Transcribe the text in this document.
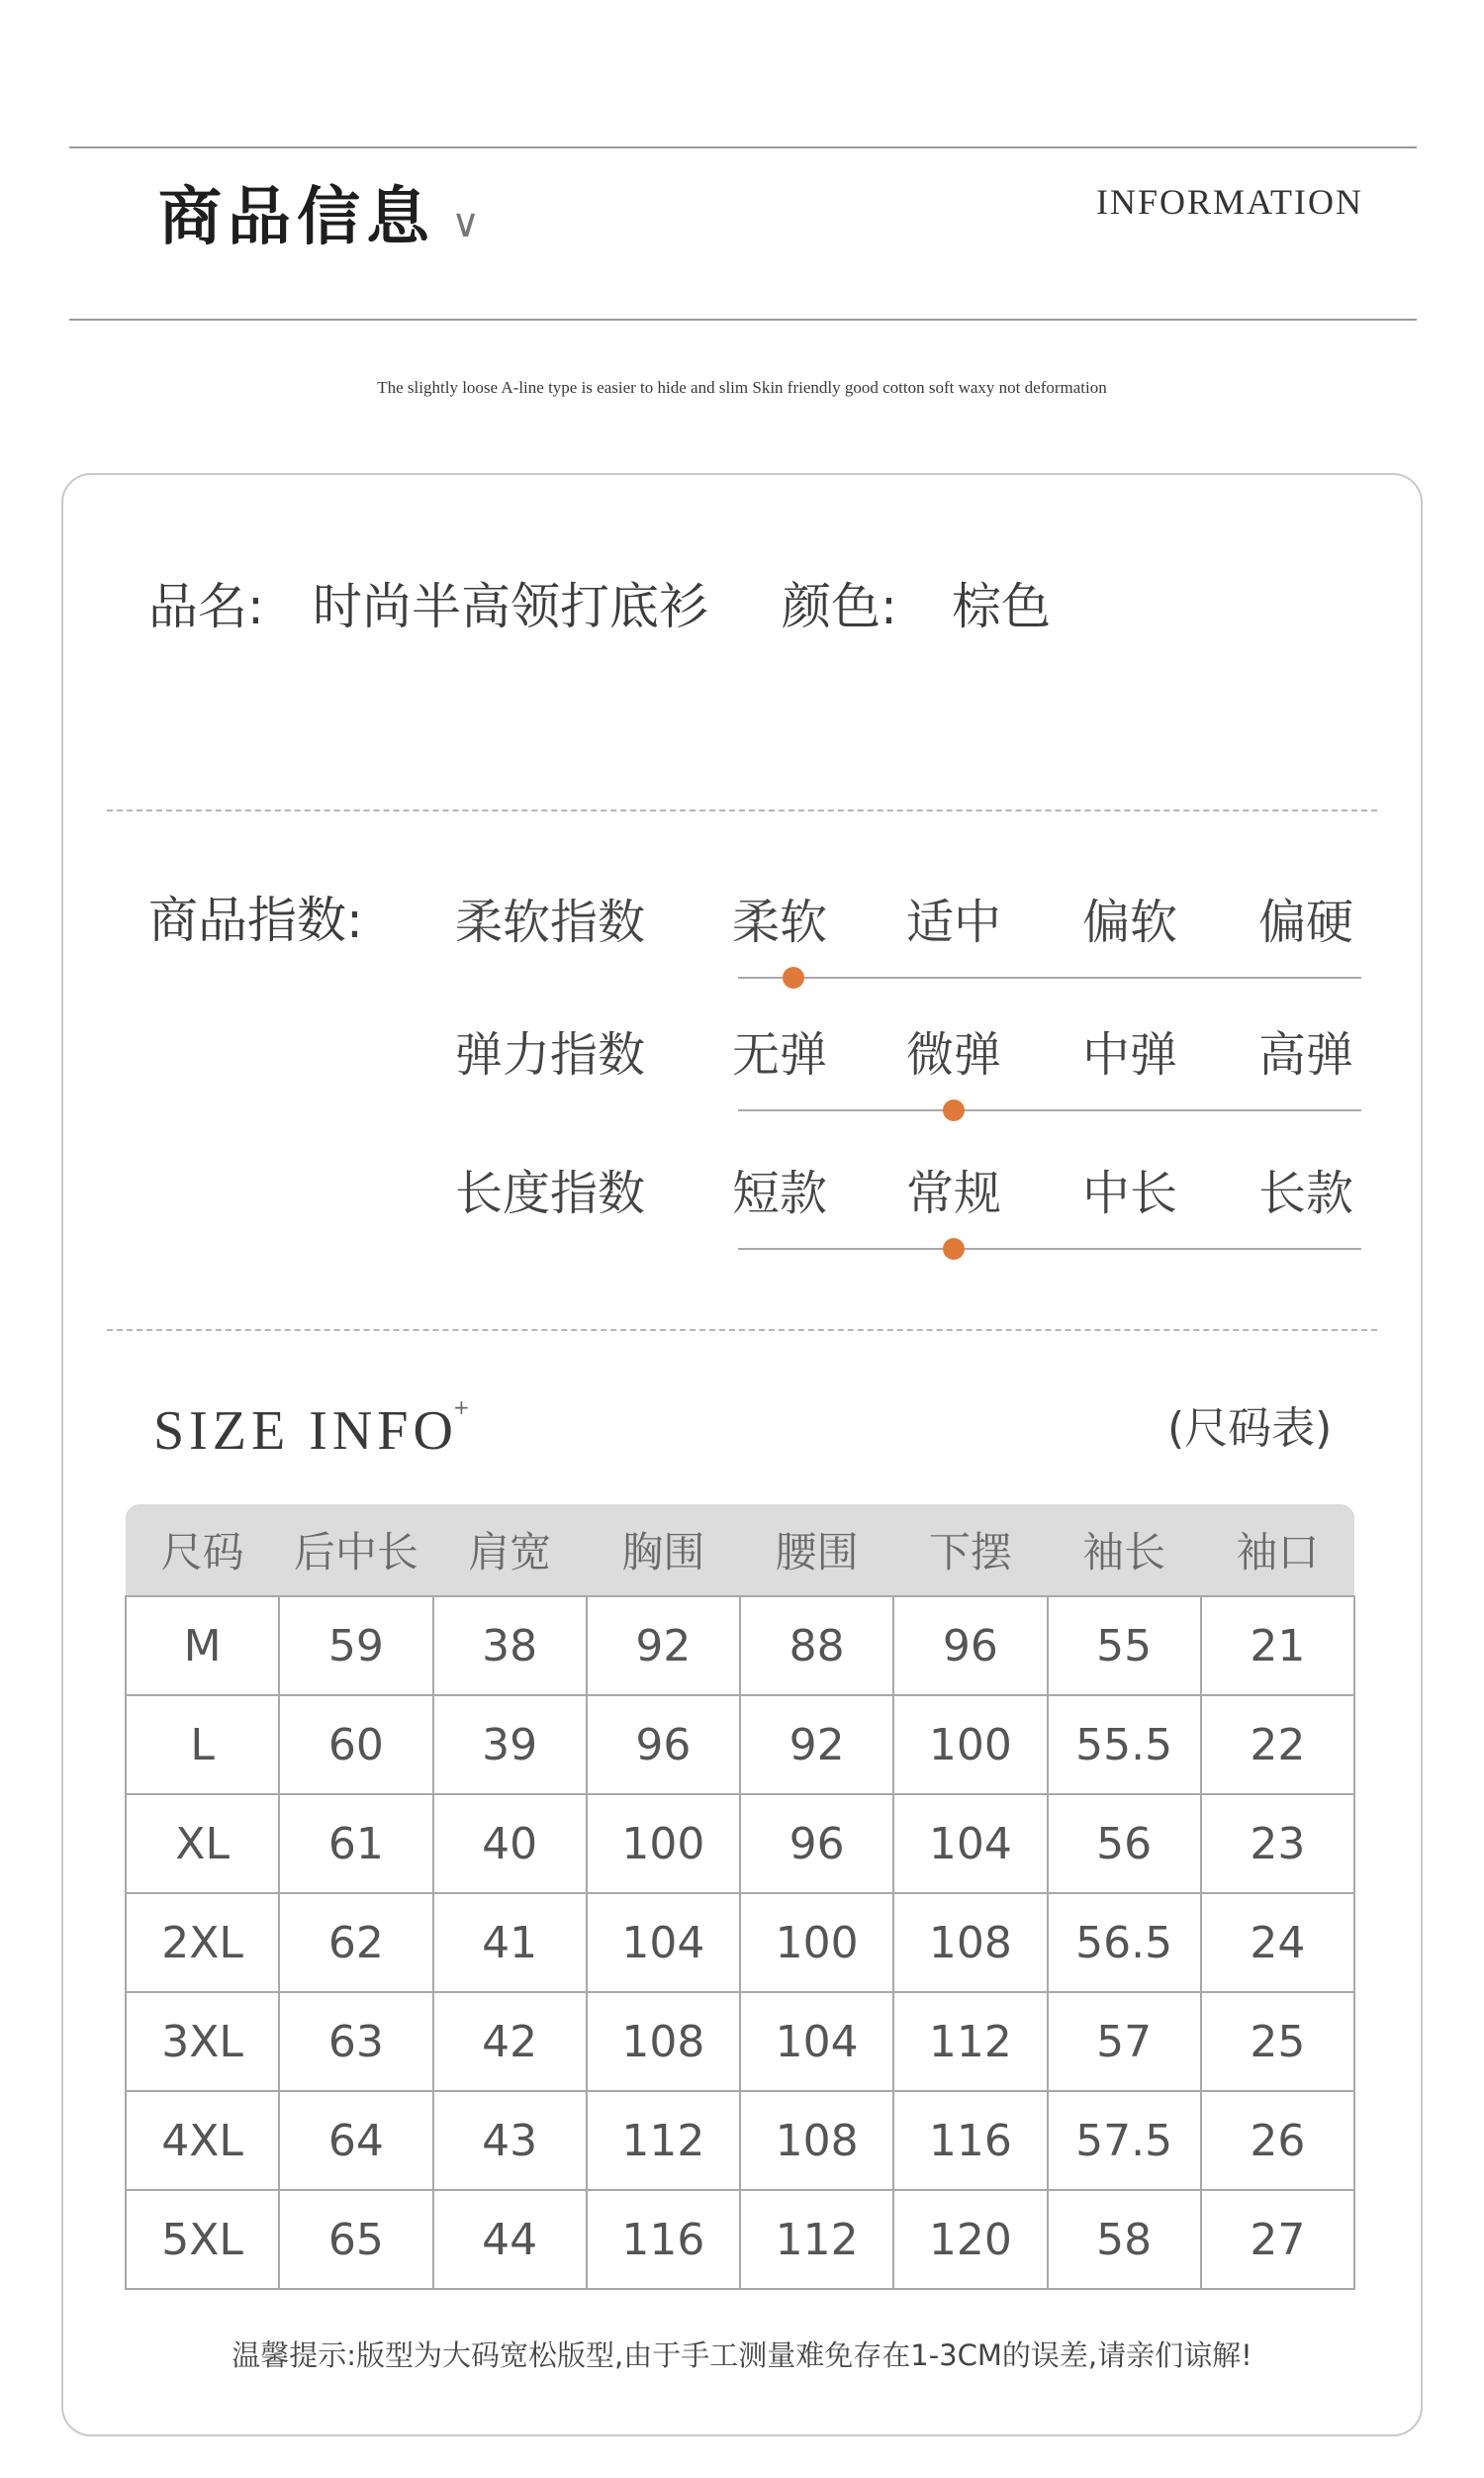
商品信息 ∨	INFORMATION
The slightly loose A-line type is easier to hide and slim Skin friendly good cotton soft waxy not deformation
品名: 时尚半高领打底衫 颜色: 棕色
商品指数: 柔软指数	柔软	适中	偏软	偏硬
弹力指数	无弹	微弹	中弹	高弹
长度指数	短款	常规	中长	长款
SIZE INFO
+	(尺码表)
尺码	后中长	肩宽	胸围	腰围	下摆	袖长	袖口
M	59	38	92	88	96	55	21
L	60	39	96	92	100	55.5	22
XL	61	40	100	96	104	56	23
2XL	62	41	104	100	108	56.5	24
3XL	63	42	108	104	112	57	25
4XL	64	43	112	108	116	57.5	26
5XL	65	44	116	112	120	58	27
温馨提示:版型为大码宽松版型,由于手工测量难免存在1-3CM的误差,请亲们谅解!
